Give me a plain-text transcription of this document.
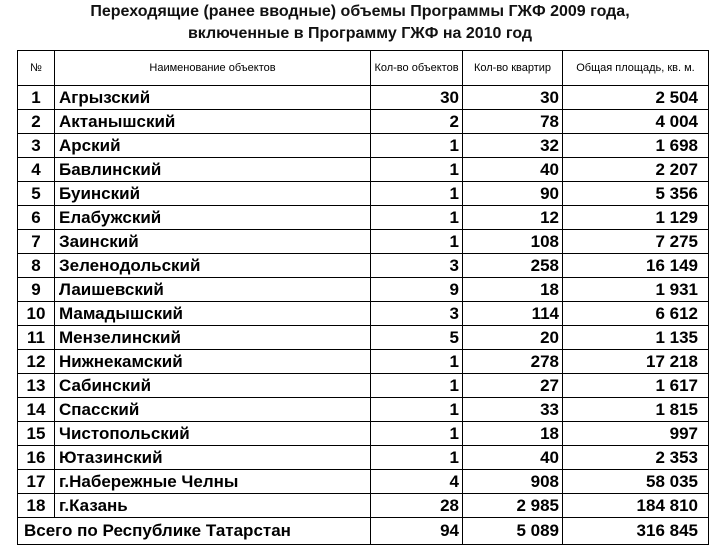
Переходящие (ранее вводные) объемы Программы ГЖФ 2009 года,
включенные в Программу ГЖФ на 2010 год
№	Наименование объектов	Кол-во объектов	Кол-во квартир	Общая площадь, кв. м.
1	Агрызский	30	30	2 504
2	Актанышский	2	78	4 004
3	Арский	1	32	1 698
4	Бавлинский	1	40	2 207
5	Буинский	1	90	5 356
6	Елабужский	1	12	1 129
7	Заинский	1	108	7 275
8	Зеленодольский	3	258	16 149
9	Лаишевский	9	18	1 931
10	Мамадышский	3	114	6 612
11	Мензелинский	5	20	1 135
12	Нижнекамский	1	278	17 218
13	Сабинский	1	27	1 617
14	Спасский	1	33	1 815
15	Чистопольский	1	18	997
16	Ютазинский	1	40	2 353
17	г.Набережные Челны	4	908	58 035
18	г.Казань	28	2 985	184 810
Всего по Республике Татарстан		94	5 089	316 845
